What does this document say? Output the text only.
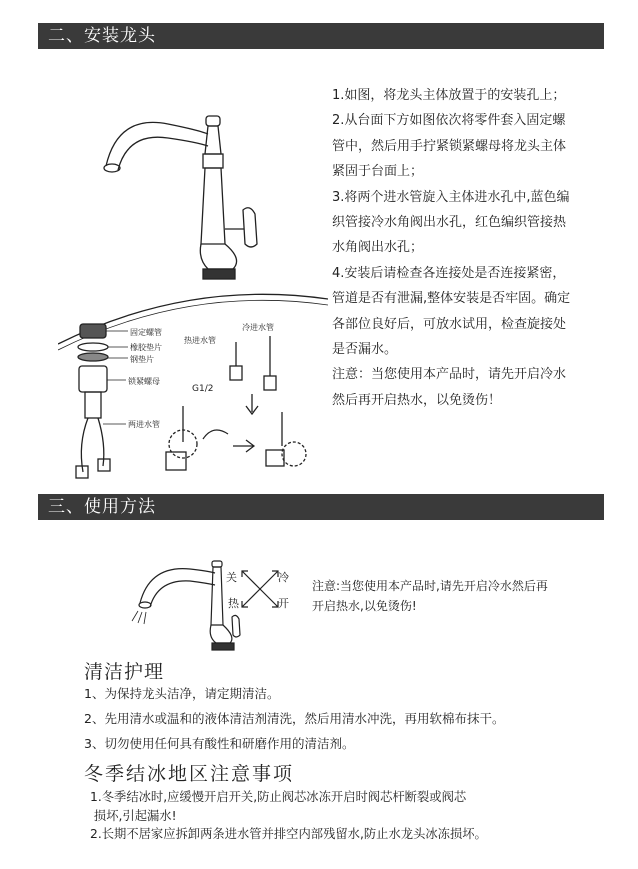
二、安装龙头
固定螺管
橡胶垫片
钢垫片
锁紧螺母
两进水管
热进水管
冷进水管
G1/2
1.如图，将龙头主体放置于的安装孔上；
2.从台面下方如图依次将零件套入固定螺
管中，然后用手拧紧锁紧螺母将龙头主体
紧固于台面上；
3.将两个进水管旋入主体进水孔中,蓝色编
织管接冷水角阀出水孔，红色编织管接热
水角阀出水孔；
4.安装后请检查各连接处是否连接紧密，
管道是否有泄漏,整体安装是否牢固。确定
各部位良好后，可放水试用，检查旋接处
是否漏水。
注意：当您使用本产品时，请先开启冷水
然后再开启热水，以免烫伤！
三、使用方法
关	冷
热	开
注意:当您使用本产品时,请先开启冷水然后再
开启热水,以免烫伤!
清洁护理
1、为保持龙头洁净，请定期清洁。
2、先用清水或温和的液体清洁剂清洗，然后用清水冲洗，再用软棉布抹干。
3、切勿使用任何具有酸性和研磨作用的清洁剂。
冬季结冰地区注意事项
1.冬季结冰时,应缓慢开启开关,防止阀芯冰冻开启时阀芯杆断裂或阀芯
损坏,引起漏水!
2.长期不居家应拆卸两条进水管并排空内部残留水,防止水龙头冰冻损坏。
